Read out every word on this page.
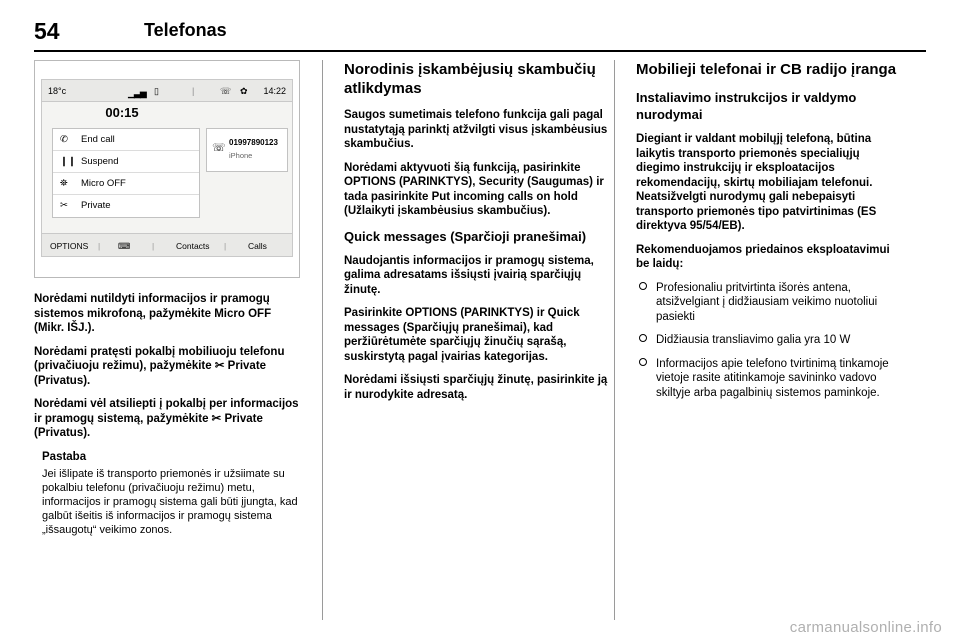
54	Telefonas
18°c	▁▃▅ ▯	|	☏ ✿ 14:22
00:15
✆ End call
❙❙ Suspend
⛯ Micro OFF
✂ Private
☏ 01997890123
iPhone
OPTIONS | ⌨	|	Contacts |	Calls

Norėdami nutildyti informacijos ir pramogų sistemos mikrofoną, pažymėkite Micro OFF (Mikr. IŠJ.).

Norėdami pratęsti pokalbį mobiliuoju telefonu (privačiuoju režimu), pažymėkite ✂ Private (Privatus).

Norėdami vėl atsiliepti į pokalbį per informacijos ir pramogų sistemą, pažymėkite ✂ Private (Privatus).

Pastaba
Jei išlipate iš transporto priemonės ir užsiimate su pokalbiu telefonu (privačiuoju režimu) metu, informacijos ir pramogų sistema gali būti įjungta, kad galbūt išeitis iš informacijos ir pramogų sistema „išsaugotų“ veikimo zonos.
Norodinis įskambėjusių skambučių atlikdymas

Saugos sumetimais telefono funkcija gali pagal nustatytąją parinktį atžvilgti visus įskambėusius skambučius.

Norėdami aktyvuoti šią funkciją, pasirinkite OPTIONS (PARINKTYS), Security (Saugumas) ir tada pasirinkite Put incoming calls on hold (Užlaikyti įskambėusius skambučius).

Quick messages (Sparčioji pranešimai)

Naudojantis informacijos ir pramogų sistema, galima adresatams išsiųsti įvairią sparčiųjų žinutę.

Pasirinkite OPTIONS (PARINKTYS) ir Quick messages (Sparčiųjų pranešimai), kad peržiūrėtumėte sparčiųjų žinučių sąrašą, suskirstytą pagal įvairias kategorijas.

Norėdami išsiųsti sparčiųjų žinutę, pasirinkite ją ir nurodykite adresatą.

Mobilieji telefonai ir CB radijo įranga
Instaliavimo instrukcijos ir valdymo nurodymai

Diegiant ir valdant mobilųjį telefoną, būtina laikytis transporto priemonės specialiųjų diegimo instrukcijų ir eksploatacijos rekomendacijų, skirtų mobiliajam telefonui. Neatsižvelgti nurodymų gali nebepaisyti transporto priemonės tipo patvirtinimas (ES direktyva 95/54/EB).

Rekomenduojamos priedainos eksploatavimui be laidų:

Profesionaliu pritvirtinta išorės antena, atsižvelgiant į didžiausiam veikimo nuotoliui pasiekti
Didžiausia transliavimo galia yra 10 W
Informacijos apie telefono tvirtinimą tinkamoje vietoje rasite atitinkamoje savininko vadovo skiltyje arba pagalbinių sistemos paminkoje.
carmanualsonline.info
